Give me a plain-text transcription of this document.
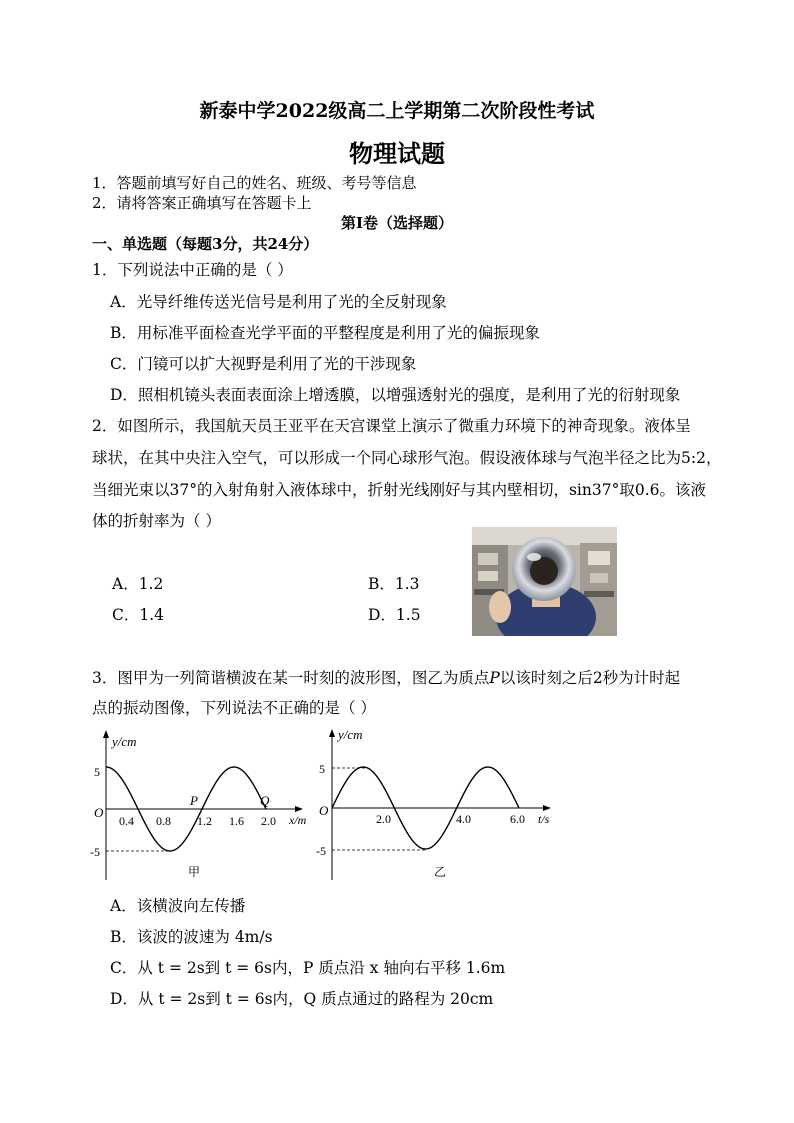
新泰中学2022级高二上学期第二次阶段性考试
物理试题
1．答题前填写好自己的姓名、班级、考号等信息
2．请将答案正确填写在答题卡上
第Ⅰ卷（选择题）
一、单选题（每题3分，共24分）
1．下列说法中正确的是（ ）
A．光导纤维传送光信号是利用了光的全反射现象
B．用标准平面检查光学平面的平整程度是利用了光的偏振现象
C．门镜可以扩大视野是利用了光的干涉现象
D．照相机镜头表面表面涂上增透膜，以增强透射光的强度，是利用了光的衍射现象
2．如图所示，我国航天员王亚平在天宫课堂上演示了微重力环境下的神奇现象。液体呈
球状，在其中央注入空气，可以形成一个同心球形气泡。假设液体球与气泡半径之比为5:2，
当细光束以37°的入射角射入液体球中，折射光线刚好与其内壁相切，sin37°取0.6。该液
体的折射率为（ ）
A．1.2	B．1.3
C．1.4	D．1.5
3．图甲为一列简谐横波在某一时刻的波形图，图乙为质点P以该时刻之后2秒为计时起
点的振动图像，下列说法不正确的是（ ）
y/cm
O
5
-5
0.4 0.8 1.2 1.6 2.0 x/m
P	Q
甲
y/cm
O
5
-5
2.0	4.0	6.0 t/s
乙
A．该横波向左传播
B．该波的波速为 4m/s
C．从 t = 2s到 t = 6s内，P 质点沿 x 轴向右平移 1.6m
D．从 t = 2s到 t = 6s内，Q 质点通过的路程为 20cm
